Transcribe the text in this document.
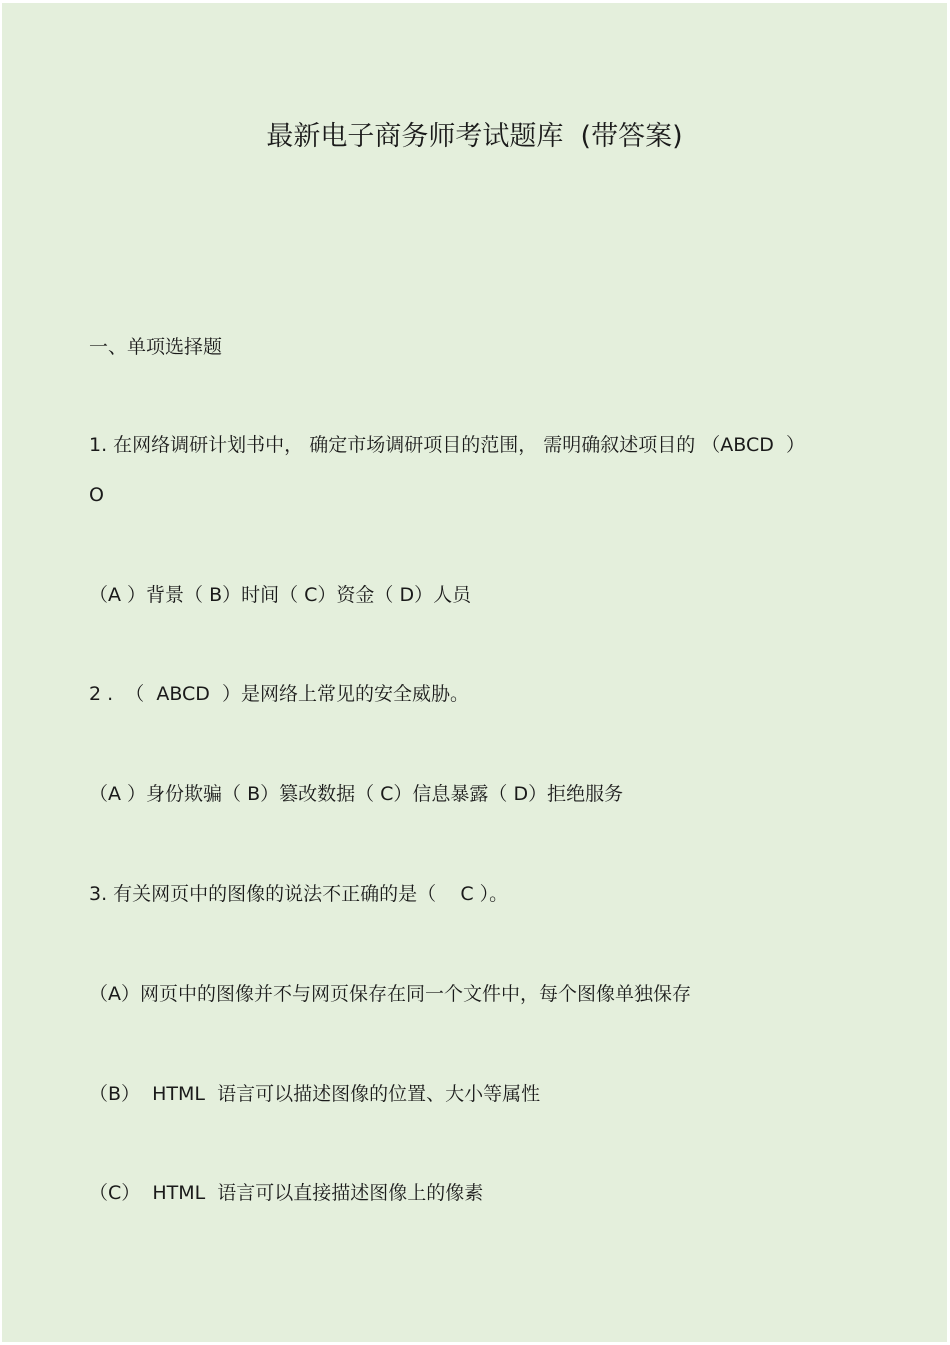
最新电子商务师考试题库  (带答案)
一、单项选择题
1. 在网络调研计划书中， 确定市场调研项目的范围， 需明确叙述项目的 （ABCD  ）
O
（A ）背景（ B）时间（ C）资金（ D）人员
2 .  （  ABCD  ）是网络上常见的安全威胁。
（A ）身份欺骗（ B）篡改数据（ C）信息暴露（ D）拒绝服务
3. 有关网页中的图像的说法不正确的是（    C ）。
（A）网页中的图像并不与网页保存在同一个文件中，每个图像单独保存
（B）  HTML  语言可以描述图像的位置、大小等属性
（C）  HTML  语言可以直接描述图像上的像素
